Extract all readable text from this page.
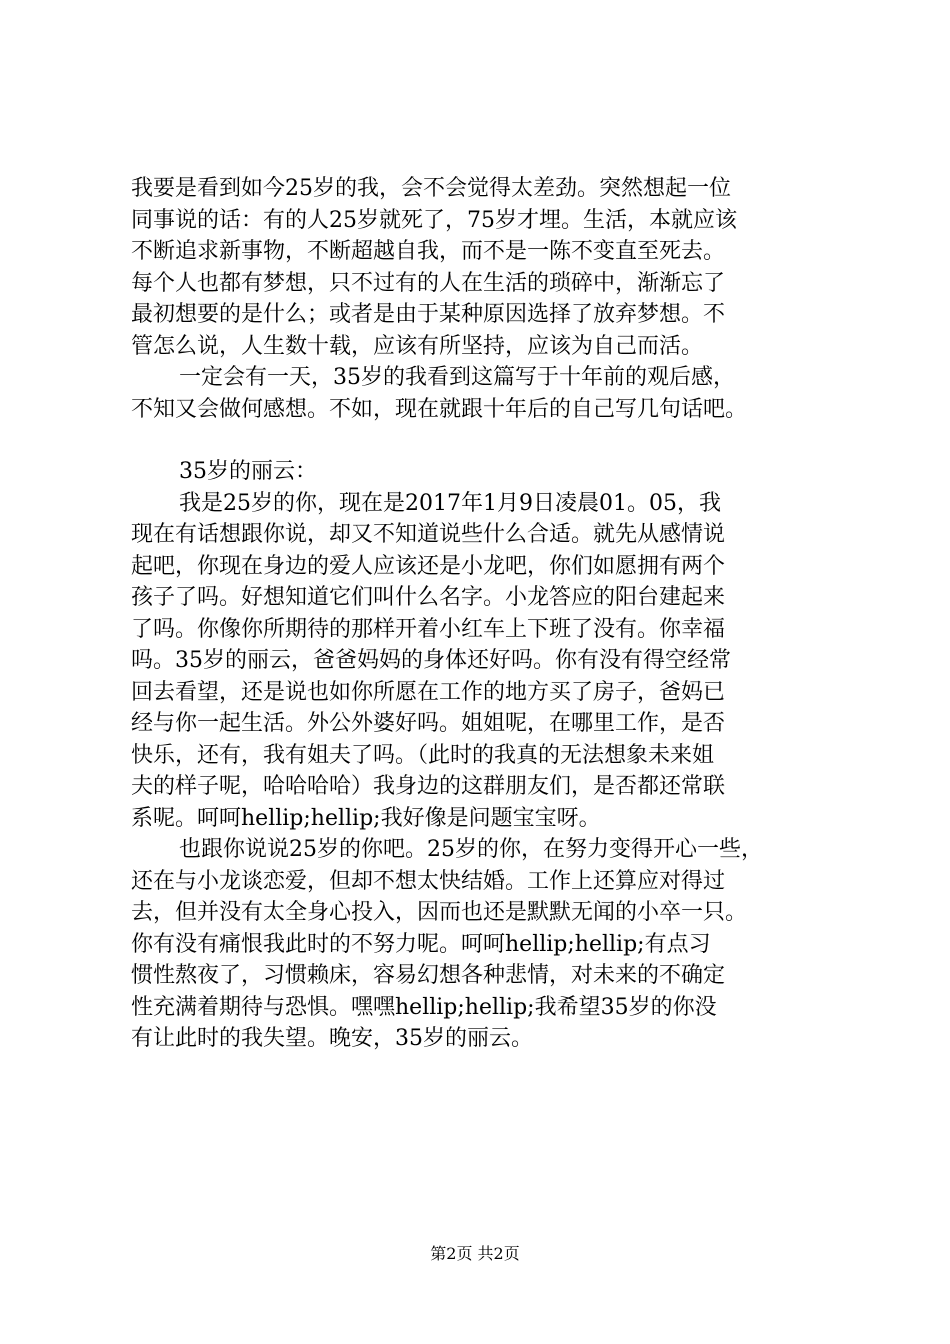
我要是看到如今25岁的我，会不会觉得太差劲。突然想起一位
同事说的话：有的人25岁就死了，75岁才埋。生活，本就应该
不断追求新事物，不断超越自我，而不是一陈不变直至死去。
每个人也都有梦想，只不过有的人在生活的琐碎中，渐渐忘了
最初想要的是什么；或者是由于某种原因选择了放弃梦想。不
管怎么说，人生数十载，应该有所坚持，应该为自己而活。
一定会有一天，35岁的我看到这篇写于十年前的观后感，
不知又会做何感想。不如，现在就跟十年后的自己写几句话吧。
35岁的丽云：
我是25岁的你，现在是2017年1月9日凌晨01。05，我
现在有话想跟你说，却又不知道说些什么合适。就先从感情说
起吧，你现在身边的爱人应该还是小龙吧，你们如愿拥有两个
孩子了吗。好想知道它们叫什么名字。小龙答应的阳台建起来
了吗。你像你所期待的那样开着小红车上下班了没有。你幸福
吗。35岁的丽云，爸爸妈妈的身体还好吗。你有没有得空经常
回去看望，还是说也如你所愿在工作的地方买了房子，爸妈已
经与你一起生活。外公外婆好吗。姐姐呢，在哪里工作，是否
快乐，还有，我有姐夫了吗。（此时的我真的无法想象未来姐
夫的样子呢，哈哈哈哈）我身边的这群朋友们，是否都还常联
系呢。呵呵hellip;hellip;我好像是问题宝宝呀。
也跟你说说25岁的你吧。25岁的你，在努力变得开心一些，
还在与小龙谈恋爱，但却不想太快结婚。工作上还算应对得过
去，但并没有太全身心投入，因而也还是默默无闻的小卒一只。
你有没有痛恨我此时的不努力呢。呵呵hellip;hellip;有点习
惯性熬夜了，习惯赖床，容易幻想各种悲情，对未来的不确定
性充满着期待与恐惧。嘿嘿hellip;hellip;我希望35岁的你没
有让此时的我失望。晚安，35岁的丽云。
第2页 共2页
